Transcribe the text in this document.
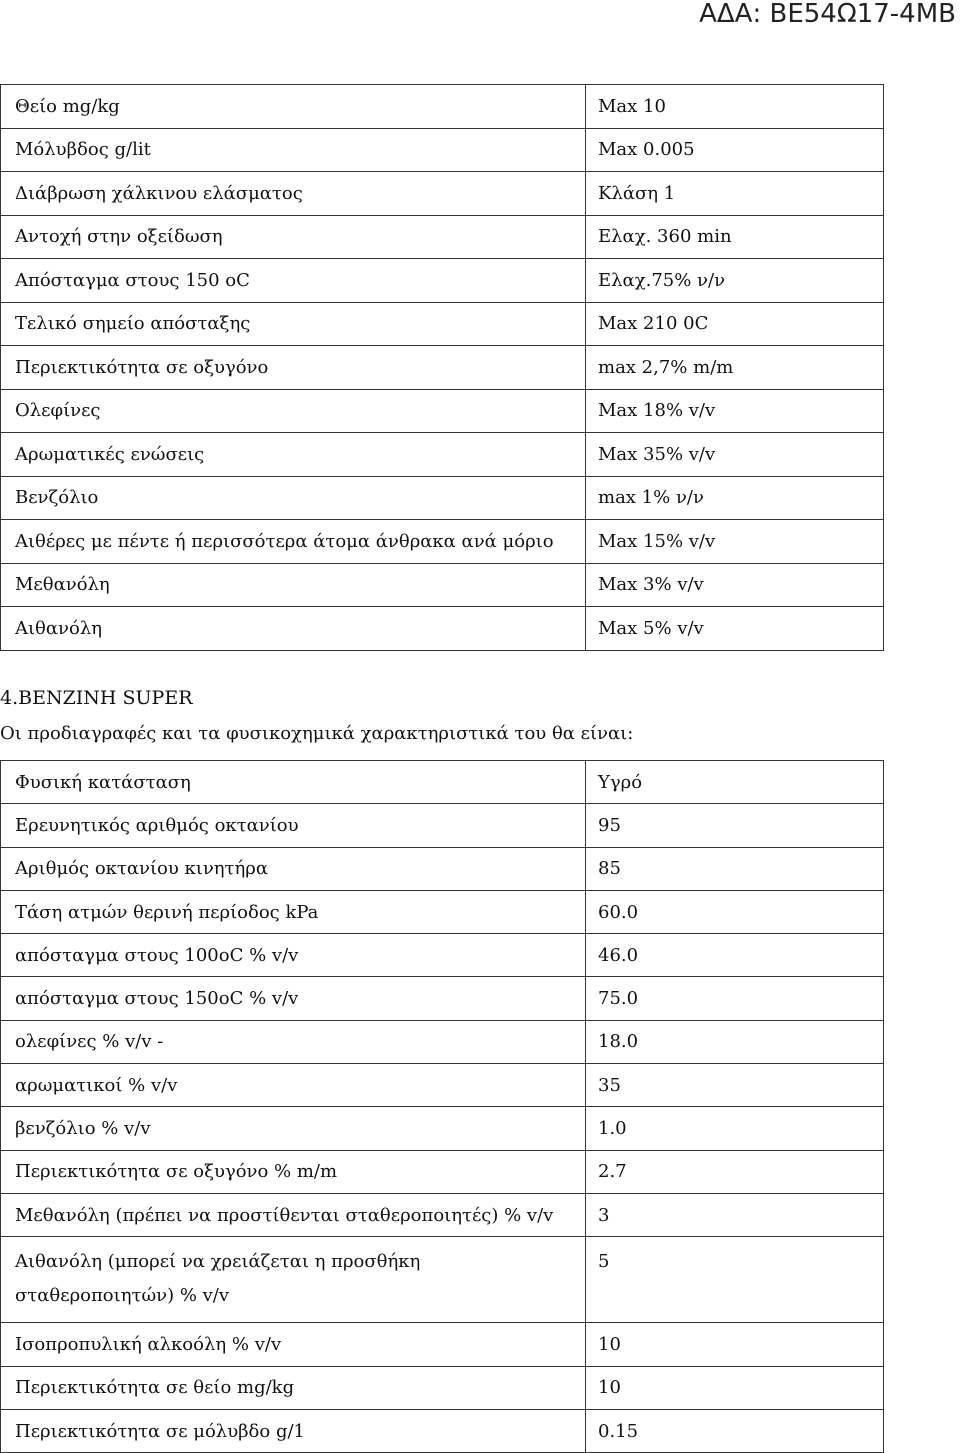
ΑΔΑ: ΒΕ54Ω17-4ΜΒ
Θείο mg/kg	Max 10
Μόλυβδος g/lit	Max 0.005
Διάβρωση χάλκινου ελάσματος	Κλάση 1
Αντοχή στην οξείδωση	Ελαχ. 360 min
Απόσταγμα στους 150 οC	Ελαχ.75% ν/ν
Τελικό σημείο απόσταξης	Max 210 0C
Περιεκτικότητα σε οξυγόνο	max 2,7% m/m
Ολεφίνες	Max 18% v/v
Αρωματικές ενώσεις	Max 35% v/v
Βενζόλιο	max 1% ν/ν
Αιθέρες με πέντε ή περισσότερα άτομα άνθρακα ανά μόριο	Max 15% v/v
Μεθανόλη	Max 3% v/v
Αιθανόλη	Max 5% v/v
4.ΒΕΝΖΙΝΗ SUPER
Οι προδιαγραφές και τα φυσικοχημικά χαρακτηριστικά του θα είναι:
Φυσική κατάσταση	Υγρό
Ερευνητικός αριθμός οκτανίου	95
Αριθμός οκτανίου κινητήρα	85
Τάση ατμών θερινή περίοδος kPa	60.0
απόσταγμα στους 100οC % v/v	46.0
απόσταγμα στους 150οC % v/v	75.0
ολεφίνες % v/v -	18.0
αρωματικοί % v/v	35
βενζόλιο % v/v	1.0
Περιεκτικότητα σε οξυγόνο % m/m	2.7
Μεθανόλη (πρέπει να προστίθενται σταθεροποιητές) % v/v	3
Αιθανόλη (μπορεί να χρειάζεται η προσθήκη σταθεροποιητών) % v/v	5
Ισοπροπυλική αλκοόλη % v/v	10
Περιεκτικότητα σε θείο mg/kg	10
Περιεκτικότητα σε μόλυβδο g/1	0.15
